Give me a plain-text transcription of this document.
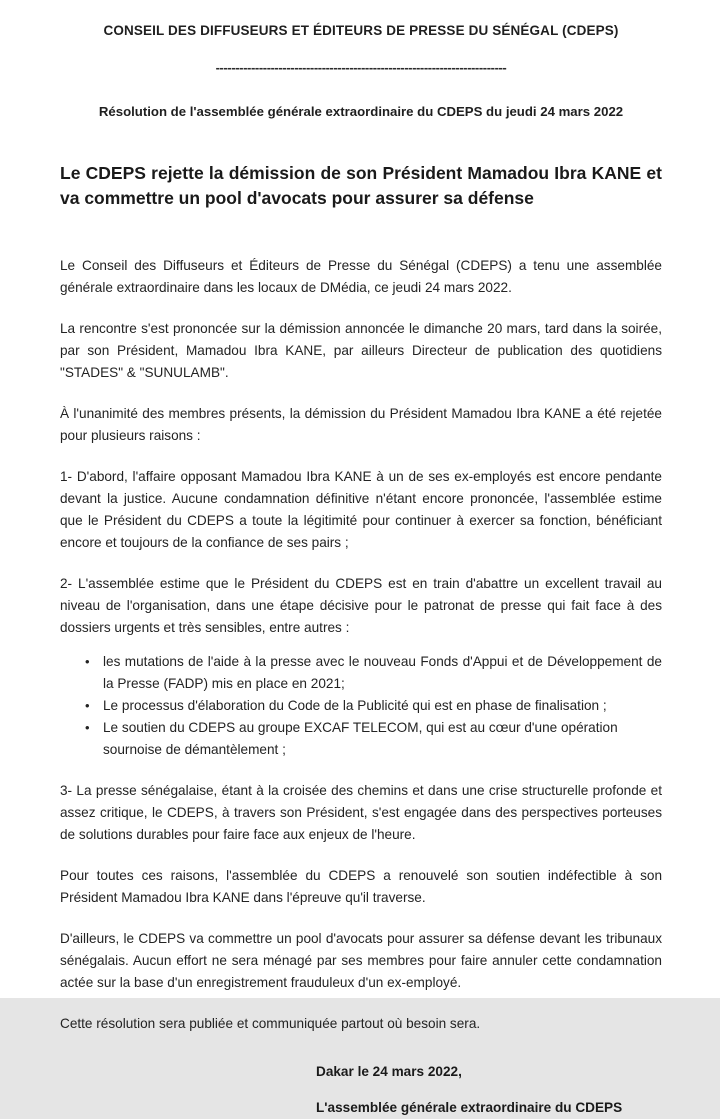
CONSEIL DES DIFFUSEURS ET ÉDITEURS DE PRESSE DU SÉNÉGAL (CDEPS)
--------------------------------------------------------------------------
Résolution de l'assemblée générale extraordinaire du CDEPS du jeudi 24 mars 2022
Le CDEPS rejette la démission de son Président Mamadou Ibra KANE et va commettre un pool d'avocats pour assurer sa défense

Le Conseil des Diffuseurs et Éditeurs de Presse du Sénégal (CDEPS) a tenu une assemblée générale extraordinaire dans les locaux de DMédia, ce jeudi 24 mars 2022.

La rencontre s'est prononcée sur la démission annoncée le dimanche 20 mars, tard dans la soirée, par son Président, Mamadou Ibra KANE, par ailleurs Directeur de publication des quotidiens "STADES" & "SUNULAMB".

À l'unanimité des membres présents, la démission du Président Mamadou Ibra KANE a été rejetée pour plusieurs raisons :

1- D'abord, l'affaire opposant Mamadou Ibra KANE à un de ses ex-employés est encore pendante devant la justice. Aucune condamnation définitive n'étant encore prononcée, l'assemblée estime que le Président du CDEPS a toute la légitimité pour continuer à exercer sa fonction, bénéficiant encore et toujours de la confiance de ses pairs ;

2- L'assemblée estime que le Président du CDEPS est en train d'abattre un excellent travail au niveau de l'organisation, dans une étape décisive pour le patronat de presse qui fait face à des dossiers urgents et très sensibles, entre autres :

• les mutations de l'aide à la presse avec le nouveau Fonds d'Appui et de Développement de la Presse (FADP) mis en place en 2021;
• Le processus d'élaboration du Code de la Publicité qui est en phase de finalisation ;
• Le soutien du CDEPS au groupe EXCAF TELECOM, qui est au cœur d'une opération sournoise de démantèlement ;

3- La presse sénégalaise, étant à la croisée des chemins et dans une crise structurelle profonde et assez critique, le CDEPS, à travers son Président, s'est engagée dans des perspectives porteuses de solutions durables pour faire face aux enjeux de l'heure.

Pour toutes ces raisons, l'assemblée du CDEPS a renouvelé son soutien indéfectible à son Président Mamadou Ibra KANE dans l'épreuve qu'il traverse.

D'ailleurs, le CDEPS va commettre un pool d'avocats pour assurer sa défense devant les tribunaux sénégalais. Aucun effort ne sera ménagé par ses membres pour faire annuler cette condamnation actée sur la base d'un enregistrement frauduleux d'un ex-employé.

Cette résolution sera publiée et communiquée partout où besoin sera.

Dakar le 24 mars 2022,

L'assemblée générale extraordinaire du CDEPS
